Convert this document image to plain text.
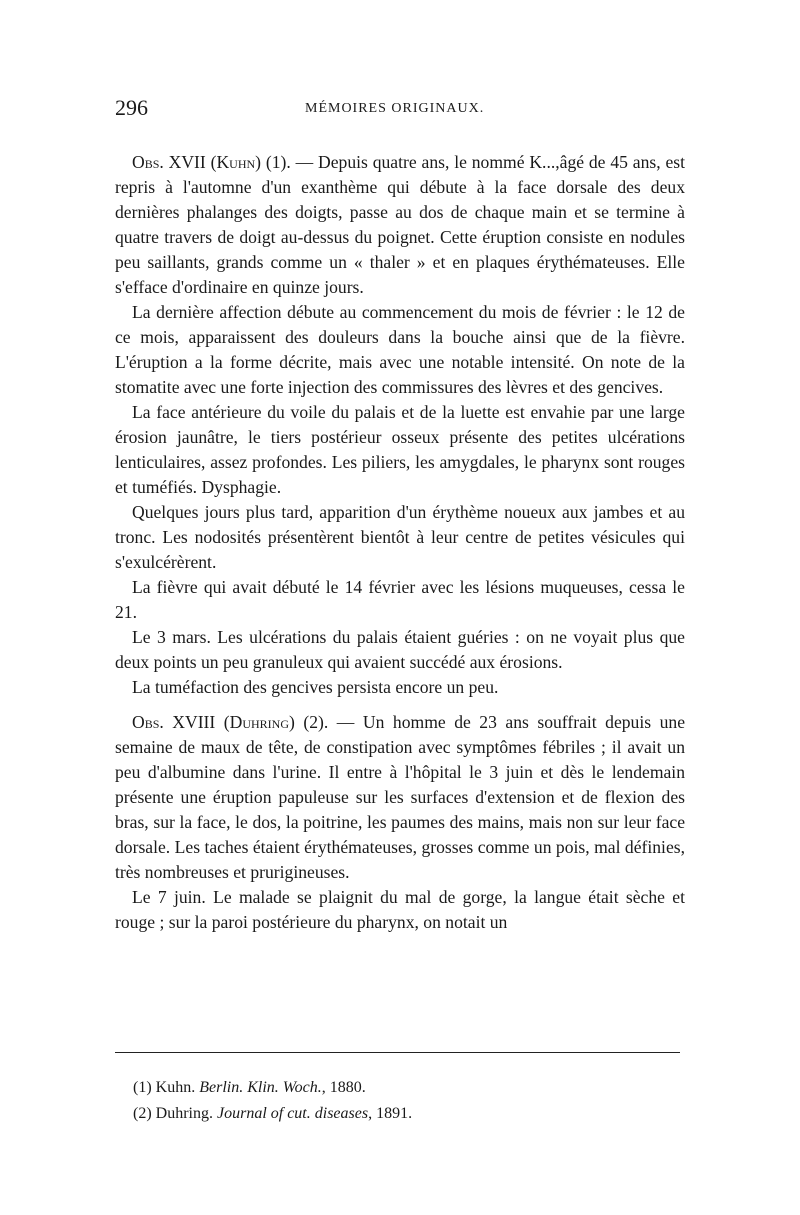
296	MÉMOIRES ORIGINAUX.

Obs. XVII (Kuhn) (1). — Depuis quatre ans, le nommé K...,âgé de 45 ans, est repris à l'automne d'un exanthème qui débute à la face dorsale des deux dernières phalanges des doigts, passe au dos de chaque main et se termine à quatre travers de doigt au-dessus du poignet. Cette éruption consiste en nodules peu saillants, grands comme un « thaler » et en plaques érythémateuses. Elle s'efface d'ordinaire en quinze jours.

La dernière affection débute au commencement du mois de février : le 12 de ce mois, apparaissent des douleurs dans la bouche ainsi que de la fièvre. L'éruption a la forme décrite, mais avec une notable intensité. On note de la stomatite avec une forte injection des commissures des lèvres et des gencives.

La face antérieure du voile du palais et de la luette est envahie par une large érosion jaunâtre, le tiers postérieur osseux présente des petites ulcérations lenticulaires, assez profondes. Les piliers, les amygdales, le pharynx sont rouges et tuméfiés. Dysphagie.

Quelques jours plus tard, apparition d'un érythème noueux aux jambes et au tronc. Les nodosités présentèrent bientôt à leur centre de petites vésicules qui s'exulcérèrent.

La fièvre qui avait débuté le 14 février avec les lésions muqueuses, cessa le 21.

Le 3 mars. Les ulcérations du palais étaient guéries : on ne voyait plus que deux points un peu granuleux qui avaient succédé aux érosions.

La tuméfaction des gencives persista encore un peu.

Obs. XVIII (Duhring) (2). — Un homme de 23 ans souffrait depuis une semaine de maux de tête, de constipation avec symptômes fébriles ; il avait un peu d'albumine dans l'urine. Il entre à l'hôpital le 3 juin et dès le lendemain présente une éruption papuleuse sur les surfaces d'extension et de flexion des bras, sur la face, le dos, la poitrine, les paumes des mains, mais non sur leur face dorsale. Les taches étaient érythémateuses, grosses comme un pois, mal définies, très nombreuses et prurigineuses.

Le 7 juin. Le malade se plaignit du mal de gorge, la langue était sèche et rouge ; sur la paroi postérieure du pharynx, on notait un

(1) Kuhn. Berlin. Klin. Woch., 1880.

(2) Duhring. Journal of cut. diseases, 1891.
